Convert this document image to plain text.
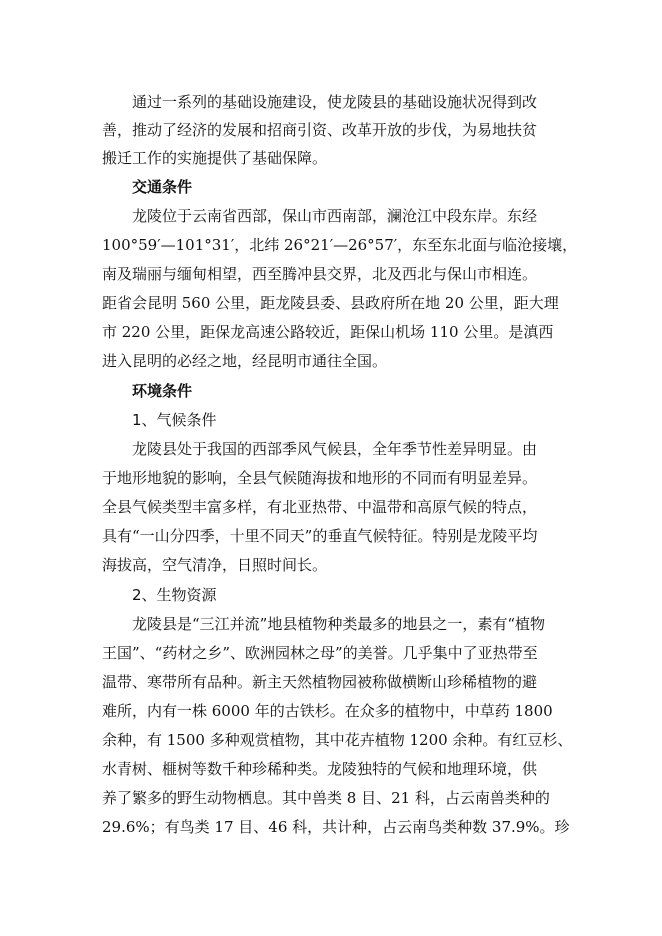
通过一系列的基础设施建设，使龙陵县的基础设施状况得到改
善，推动了经济的发展和招商引资、改革开放的步伐，为易地扶贫
搬迁工作的实施提供了基础保障。
交通条件
龙陵位于云南省西部，保山市西南部，澜沧江中段东岸。东经
100°59′—101°31′，北纬 26°21′—26°57′，东至东北面与临沧接壤，
南及瑞丽与缅甸相望，西至腾冲县交界，北及西北与保山市相连。
距省会昆明 560 公里，距龙陵县委、县政府所在地 20 公里，距大理
市 220 公里，距保龙高速公路较近，距保山机场 110 公里。是滇西
进入昆明的必经之地，经昆明市通往全国。
环境条件
1、气候条件
龙陵县处于我国的西部季风气候县，全年季节性差异明显。由
于地形地貌的影响，全县气候随海拔和地形的不同而有明显差异。
全县气候类型丰富多样，有北亚热带、中温带和高原气候的特点，
具有“一山分四季，十里不同天”的垂直气候特征。特别是龙陵平均
海拔高，空气清净，日照时间长。
2、生物资源
龙陵县是“三江并流”地县植物种类最多的地县之一，素有“植物
王国”、“药材之乡”、欧洲园林之母”的美誉。几乎集中了亚热带至
温带、寒带所有品种。新主天然植物园被称做横断山珍稀植物的避
难所，内有一株 6000 年的古铁杉。在众多的植物中，中草药 1800
余种，有 1500 多种观赏植物，其中花卉植物 1200 余种。有红豆杉、
水青树、榧树等数千种珍稀种类。龙陵独特的气候和地理环境，供
养了繁多的野生动物栖息。其中兽类 8 目、21 科，占云南兽类种的
29.6%；有鸟类 17 目、46 科，共计种，占云南鸟类种数 37.9%。珍
